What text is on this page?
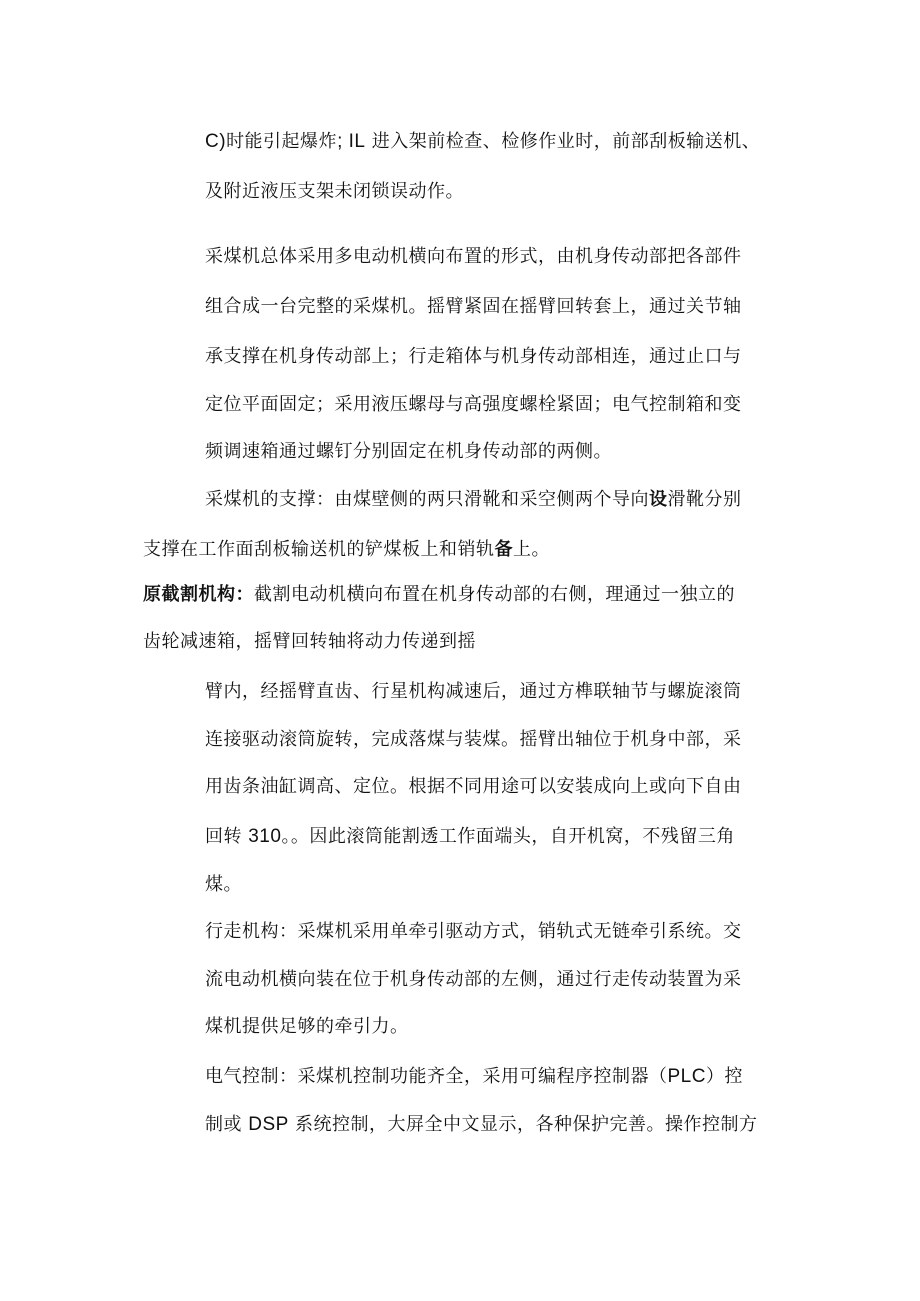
C)时能引起爆炸; IL 进入架前检查、检修作业时，前部刮板输送机、
及附近液压支架未闭锁误动作。
采煤机总体采用多电动机横向布置的形式，由机身传动部把各部件
组合成一台完整的采煤机。摇臂紧固在摇臂回转套上，通过关节轴
承支撑在机身传动部上；行走箱体与机身传动部相连，通过止口与
定位平面固定；采用液压螺母与高强度螺栓紧固；电气控制箱和变
频调速箱通过螺钉分别固定在机身传动部的两侧。
采煤机的支撑：由煤壁侧的两只滑靴和采空侧两个导向设滑靴分别
支撑在工作面刮板输送机的铲煤板上和销轨备上。
原截割机构：截割电动机横向布置在机身传动部的右侧，理通过一独立的
齿轮减速箱，摇臂回转轴将动力传递到摇
臂内，经摇臂直齿、行星机构减速后，通过方榫联轴节与螺旋滚筒
连接驱动滚筒旋转，完成落煤与装煤。摇臂出轴位于机身中部，采
用齿条油缸调高、定位。根据不同用途可以安装成向上或向下自由
回转 310。。因此滚筒能割透工作面端头，自开机窝，不残留三角
煤。
行走机构：采煤机采用单牵引驱动方式，销轨式无链牵引系统。交
流电动机横向装在位于机身传动部的左侧，通过行走传动装置为采
煤机提供足够的牵引力。
电气控制：采煤机控制功能齐全，采用可编程序控制器（PLC）控
制或 DSP 系统控制，大屏全中文显示，各种保护完善。操作控制方
